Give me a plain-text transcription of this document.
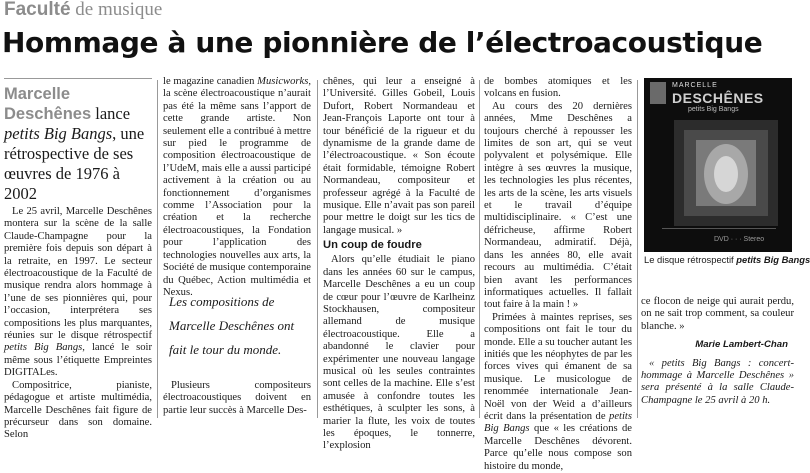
Faculté de musique
Hommage à une pionnière de l’électroacoustique

Marcelle Deschênes lance petits Big Bangs, une rétrospective de ses œuvres de 1976 à 2002

Le 25 avril, Marcelle Deschênes montera sur la scène de la salle Claude-Champagne pour la première fois depuis son départ à la retraite, en 1997. Le secteur électroacoustique de la Faculté de musique rendra alors hommage à l’une de ses pionnières qui, pour l’occasion, interprétera ses compositions les plus marquantes, réunies sur le disque rétrospectif petits Big Bangs, lancé le soir même sous l’étiquette Empreintes DIGITALes.

Compositrice, pianiste, pédagogue et artiste multimédia, Marcelle Deschênes fait figure de précurseur dans son domaine. Selon

le magazine canadien Musicworks, la scène électroacoustique n’aurait pas été la même sans l’apport de cette grande artiste. Non seulement elle a contribué à mettre sur pied le programme de composition électroacoustique de l’UdeM, mais elle a aussi participé activement à la création ou au fonctionnement d’organismes comme l’Association pour la création et la recherche électroacoustiques, la Fondation pour l’application des technologies nouvelles aux arts, la Société de musique contemporaine du Québec, Action multimédia et Nexus.

Les compositions de Marcelle Deschênes ont fait le tour du monde.

Plusieurs compositeurs électroacoustiques doivent en partie leur succès à Marcelle Des-

chênes, qui leur a enseigné à l’Université. Gilles Gobeil, Louis Dufort, Robert Normandeau et Jean-François Laporte ont tour à tour bénéficié de la rigueur et du dynamisme de la grande dame de l’électroacoustique. « Son écoute était formidable, témoigne Robert Normandeau, compositeur et professeur agrégé à la Faculté de musique. Elle n’avait pas son pareil pour mettre le doigt sur les tics de langage musical. »

Un coup de foudre

Alors qu’elle étudiait le piano dans les années 60 sur le campus, Marcelle Deschênes a eu un coup de cœur pour l’œuvre de Karlheinz Stockhausen, compositeur allemand de musique électroacoustique. Elle a abandonné le clavier pour expérimenter une nouveau langage musical où les seules contraintes sont celles de la machine. Elle s’est amusée à confondre toutes les esthétiques, à sculpter les sons, à marier la flute, les voix de toutes les époques, le tonnerre, l’explosion

de bombes atomiques et les volcans en fusion.

Au cours des 20 dernières années, Mme Deschênes a toujours cherché à repousser les limites de son art, qui se veut polyvalent et polysémique. Elle intègre à ses œuvres la musique, les technologies les plus récentes, les arts de la scène, les arts visuels et le travail d’équipe multidisciplinaire. « C’est une défricheuse, affirme Robert Normandeau, admiratif. Déjà, dans les années 80, elle avait recours au multimédia. C’était bien avant les performances informatiques actuelles. Il fallait tout faire à la main ! »

Primées à maintes reprises, ses compositions ont fait le tour du monde. Elle a su toucher autant les initiés que les néophytes de par les forces vives qui émanent de sa musique. Le musicologue de renommée internationale Jean-Noël von der Weid a d’ailleurs écrit dans la présentation de petits Big Bangs que « les créations de Marcelle Deschênes dévorent. Parce qu’elle nous compose son histoire du monde,

MARCELLE
DESCHÊNES
petits Big Bangs
DVD · · · Stereo
Le disque rétrospectif petits Big Bangs

ce flocon de neige qui aurait perdu, on ne sait trop comment, sa couleur blanche. »

Marie Lambert-Chan

« petits Big Bangs : concert-hommage à Marcelle Deschênes » sera présenté à la salle Claude-Champagne le 25 avril à 20 h.
